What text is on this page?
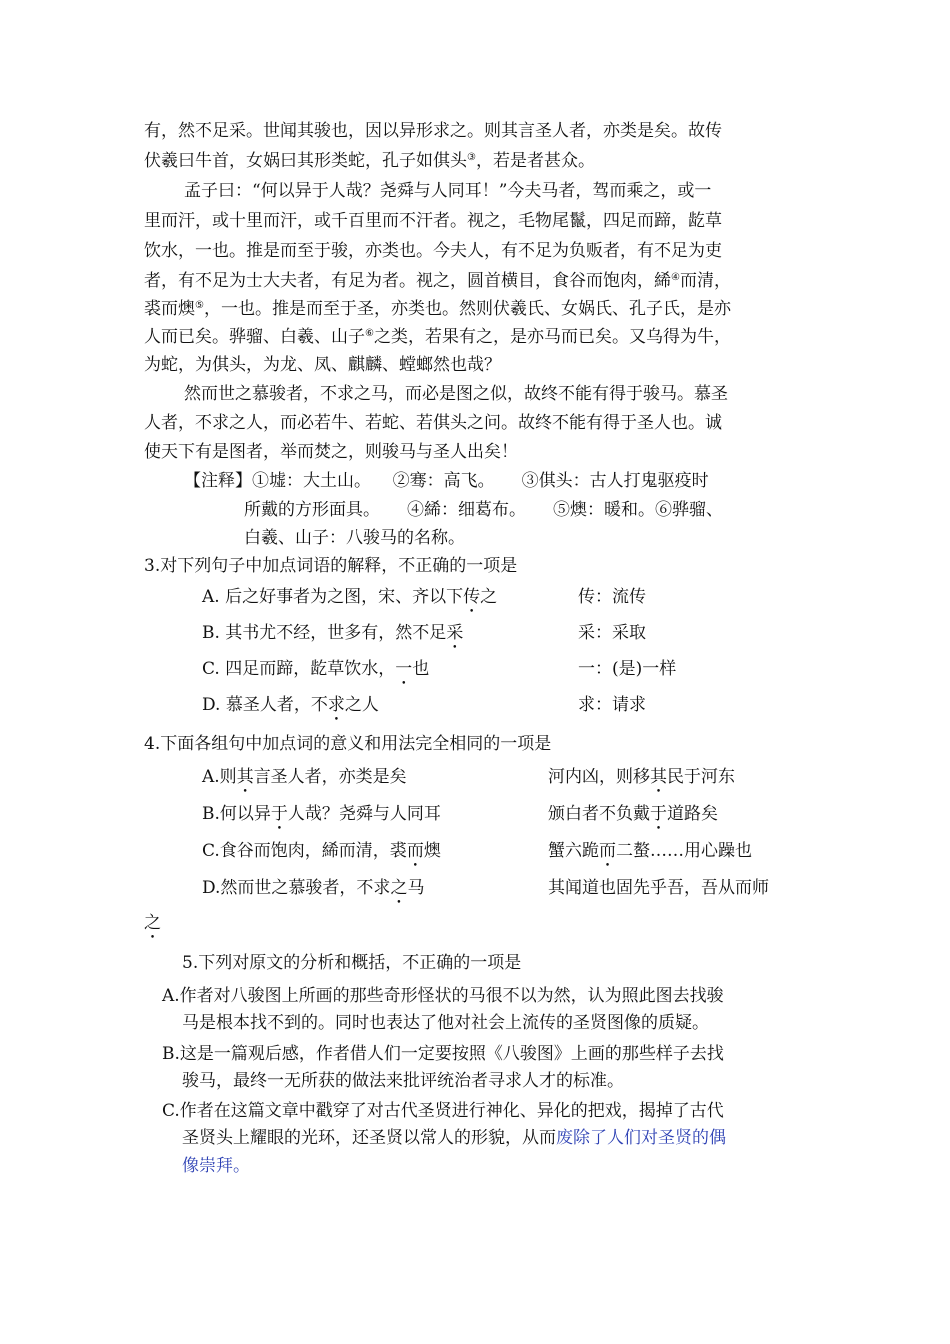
有，然不足采。世闻其骏也，因以异形求之。则其言圣人者，亦类是矣。故传
伏羲曰牛首，女娲曰其形类蛇，孔子如倛头③，若是者甚众。
孟子曰：“何以异于人哉？尧舜与人同耳！”今夫马者，驾而乘之，或一
里而汗，或十里而汗，或千百里而不汗者。视之，毛物尾鬣，四足而蹄，龁草
饮水，一也。推是而至于骏，亦类也。今夫人，有不足为负贩者，有不足为吏
者，有不足为士大夫者，有足为者。视之，圆首横目，食谷而饱肉，絺④而清，
裘而燠⑤，一也。推是而至于圣，亦类也。然则伏羲氏、女娲氏、孔子氏，是亦
人而已矣。骅骝、白羲、山子⑥之类，若果有之，是亦马而已矣。又乌得为牛，
为蛇，为倛头，为龙、凤、麒麟、螳螂然也哉？
然而世之慕骏者，不求之马，而必是图之似，故终不能有得于骏马。慕圣
人者，不求之人，而必若牛、若蛇、若倛头之问。故终不能有得于圣人也。诚
使天下有是图者，举而焚之，则骏马与圣人出矣！
【注释】①墟：大土山。    ②骞：高飞。     ③倛头：古人打鬼驱疫时
所戴的方形面具。     ④絺：细葛布。     ⑤燠：暖和。⑥骅骝、
白羲、山子：八骏马的名称。
3.对下列句子中加点词语的解释，不正确的一项是
A. 后之好事者为之图，宋、齐以下传之	传：流传
B. 其书尤不经，世多有，然不足采	采：采取
C. 四足而蹄，龁草饮水，一也	一：(是)一样
D. 慕圣人者，不求之人	求：请求
4.下面各组句中加点词的意义和用法完全相同的一项是
A.则其言圣人者，亦类是矣	河内凶，则移其民于河东
B.何以异于人哉？尧舜与人同耳	颁白者不负戴于道路矣
C.食谷而饱肉，絺而清，裘而燠	蟹六跪而二螯……用心躁也
D.然而世之慕骏者，不求之马	其闻道也固先乎吾，吾从而师
之
5.下列对原文的分析和概括，不正确的一项是
A.作者对八骏图上所画的那些奇形怪状的马很不以为然，认为照此图去找骏
马是根本找不到的。同时也表达了他对社会上流传的圣贤图像的质疑。
B.这是一篇观后感，作者借人们一定要按照《八骏图》上画的那些样子去找
骏马，最终一无所获的做法来批评统治者寻求人才的标准。
C.作者在这篇文章中戳穿了对古代圣贤进行神化、异化的把戏，揭掉了古代
圣贤头上耀眼的光环，还圣贤以常人的形貌，从而废除了人们对圣贤的偶
像崇拜。
